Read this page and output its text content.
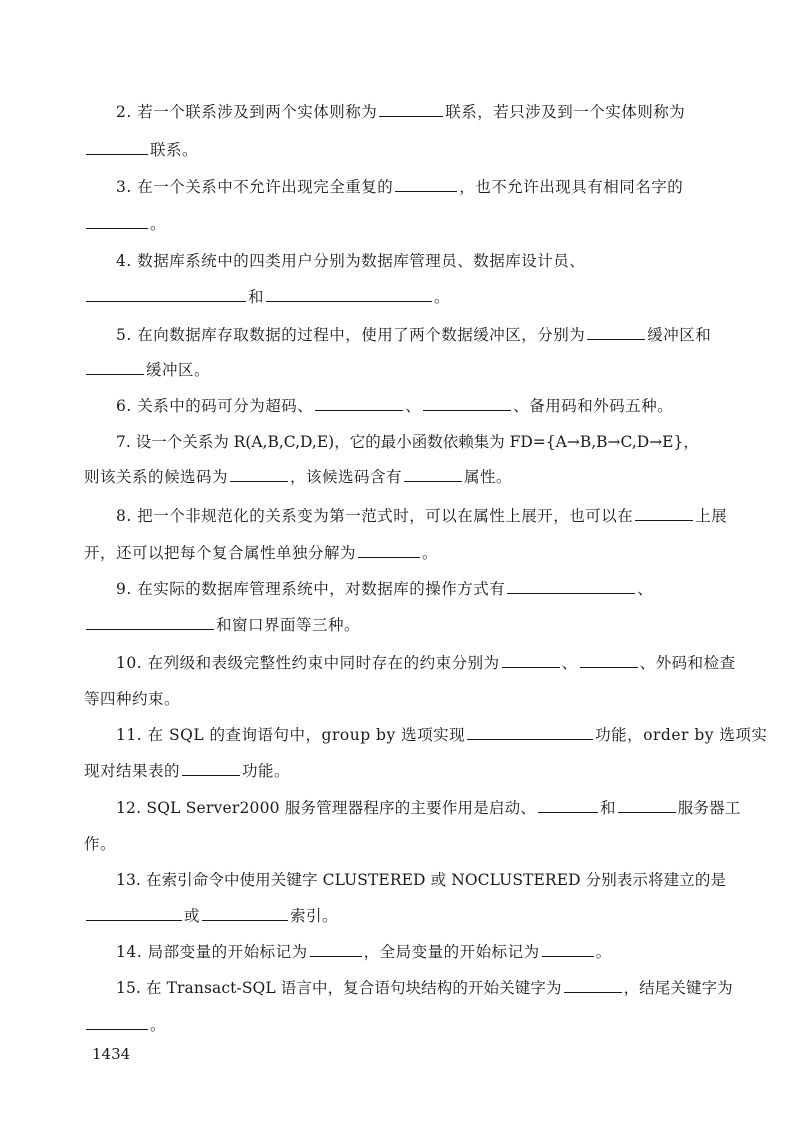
2. 若一个联系涉及到两个实体则称为	联系，若只涉及到一个实体则称为
联系。
3. 在一个关系中不允许出现完全重复的	，也不允许出现具有相同名字的
。
4. 数据库系统中的四类用户分别为数据库管理员、数据库设计员、
和	。
5. 在向数据库存取数据的过程中，使用了两个数据缓冲区，分别为	缓冲区和
缓冲区。
6. 关系中的码可分为超码、	、	、备用码和外码五种。
7. 设一个关系为 R(A,B,C,D,E)，它的最小函数依赖集为 FD={A→B,B→C,D→E}，
则该关系的候选码为	，该候选码含有	属性。
8. 把一个非规范化的关系变为第一范式时，可以在属性上展开，也可以在	上展
开，还可以把每个复合属性单独分解为	。
9. 在实际的数据库管理系统中，对数据库的操作方式有	、
和窗口界面等三种。
10. 在列级和表级完整性约束中同时存在的约束分别为	、	、外码和检查
等四种约束。
11. 在 SQL 的查询语句中，group by 选项实现	功能，order by 选项实
现对结果表的	功能。
12. SQL Server2000 服务管理器程序的主要作用是启动、	和	服务器工
作。
13. 在索引命令中使用关键字 CLUSTERED 或 NOCLUSTERED 分别表示将建立的是
或	索引。
14. 局部变量的开始标记为	，全局变量的开始标记为	。
15. 在 Transact-SQL 语言中，复合语句块结构的开始关键字为	，结尾关键字为
。
1434
